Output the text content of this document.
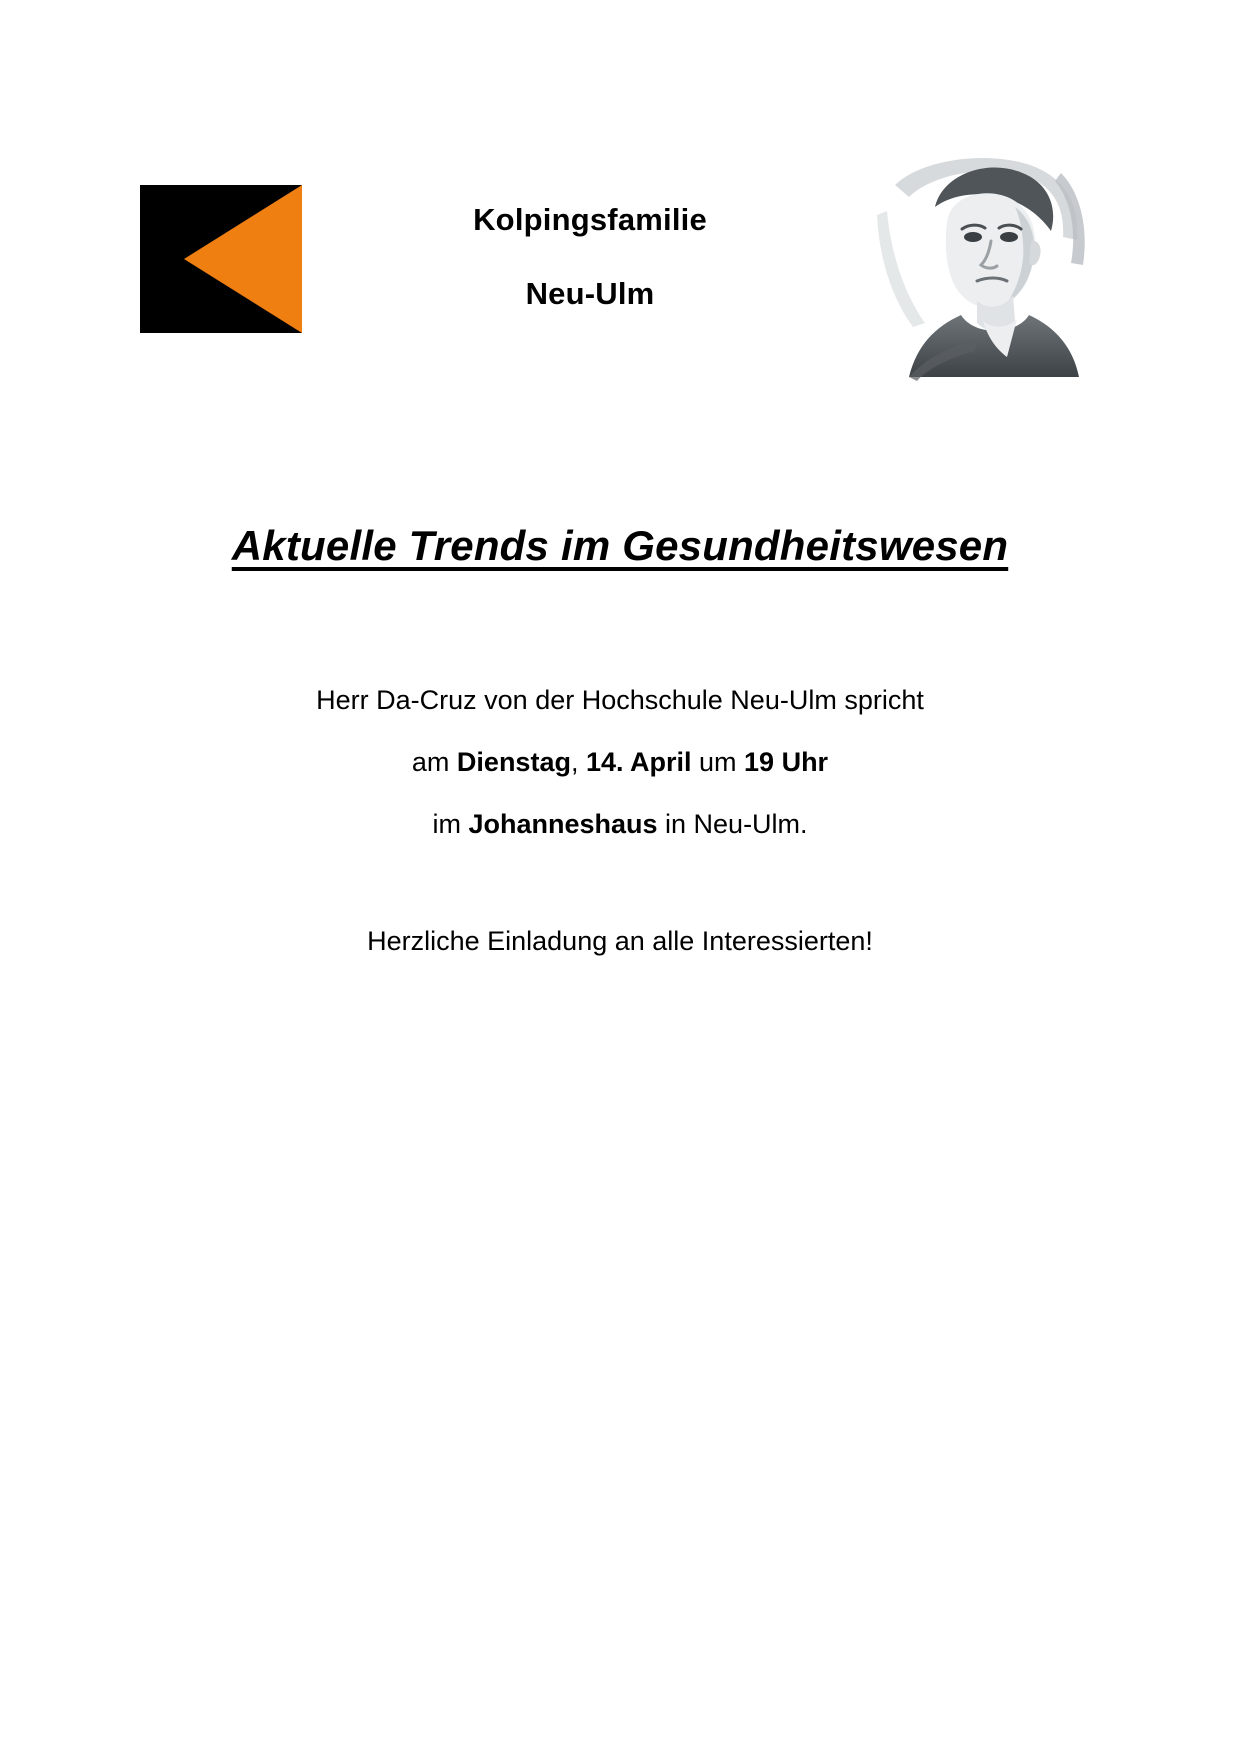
Kolpingsfamilie
Neu-Ulm
Aktuelle Trends im Gesundheitswesen
Herr Da-Cruz von der Hochschule Neu-Ulm spricht
am Dienstag, 14. April um 19 Uhr
im Johanneshaus in Neu-Ulm.
Herzliche Einladung an alle Interessierten!
